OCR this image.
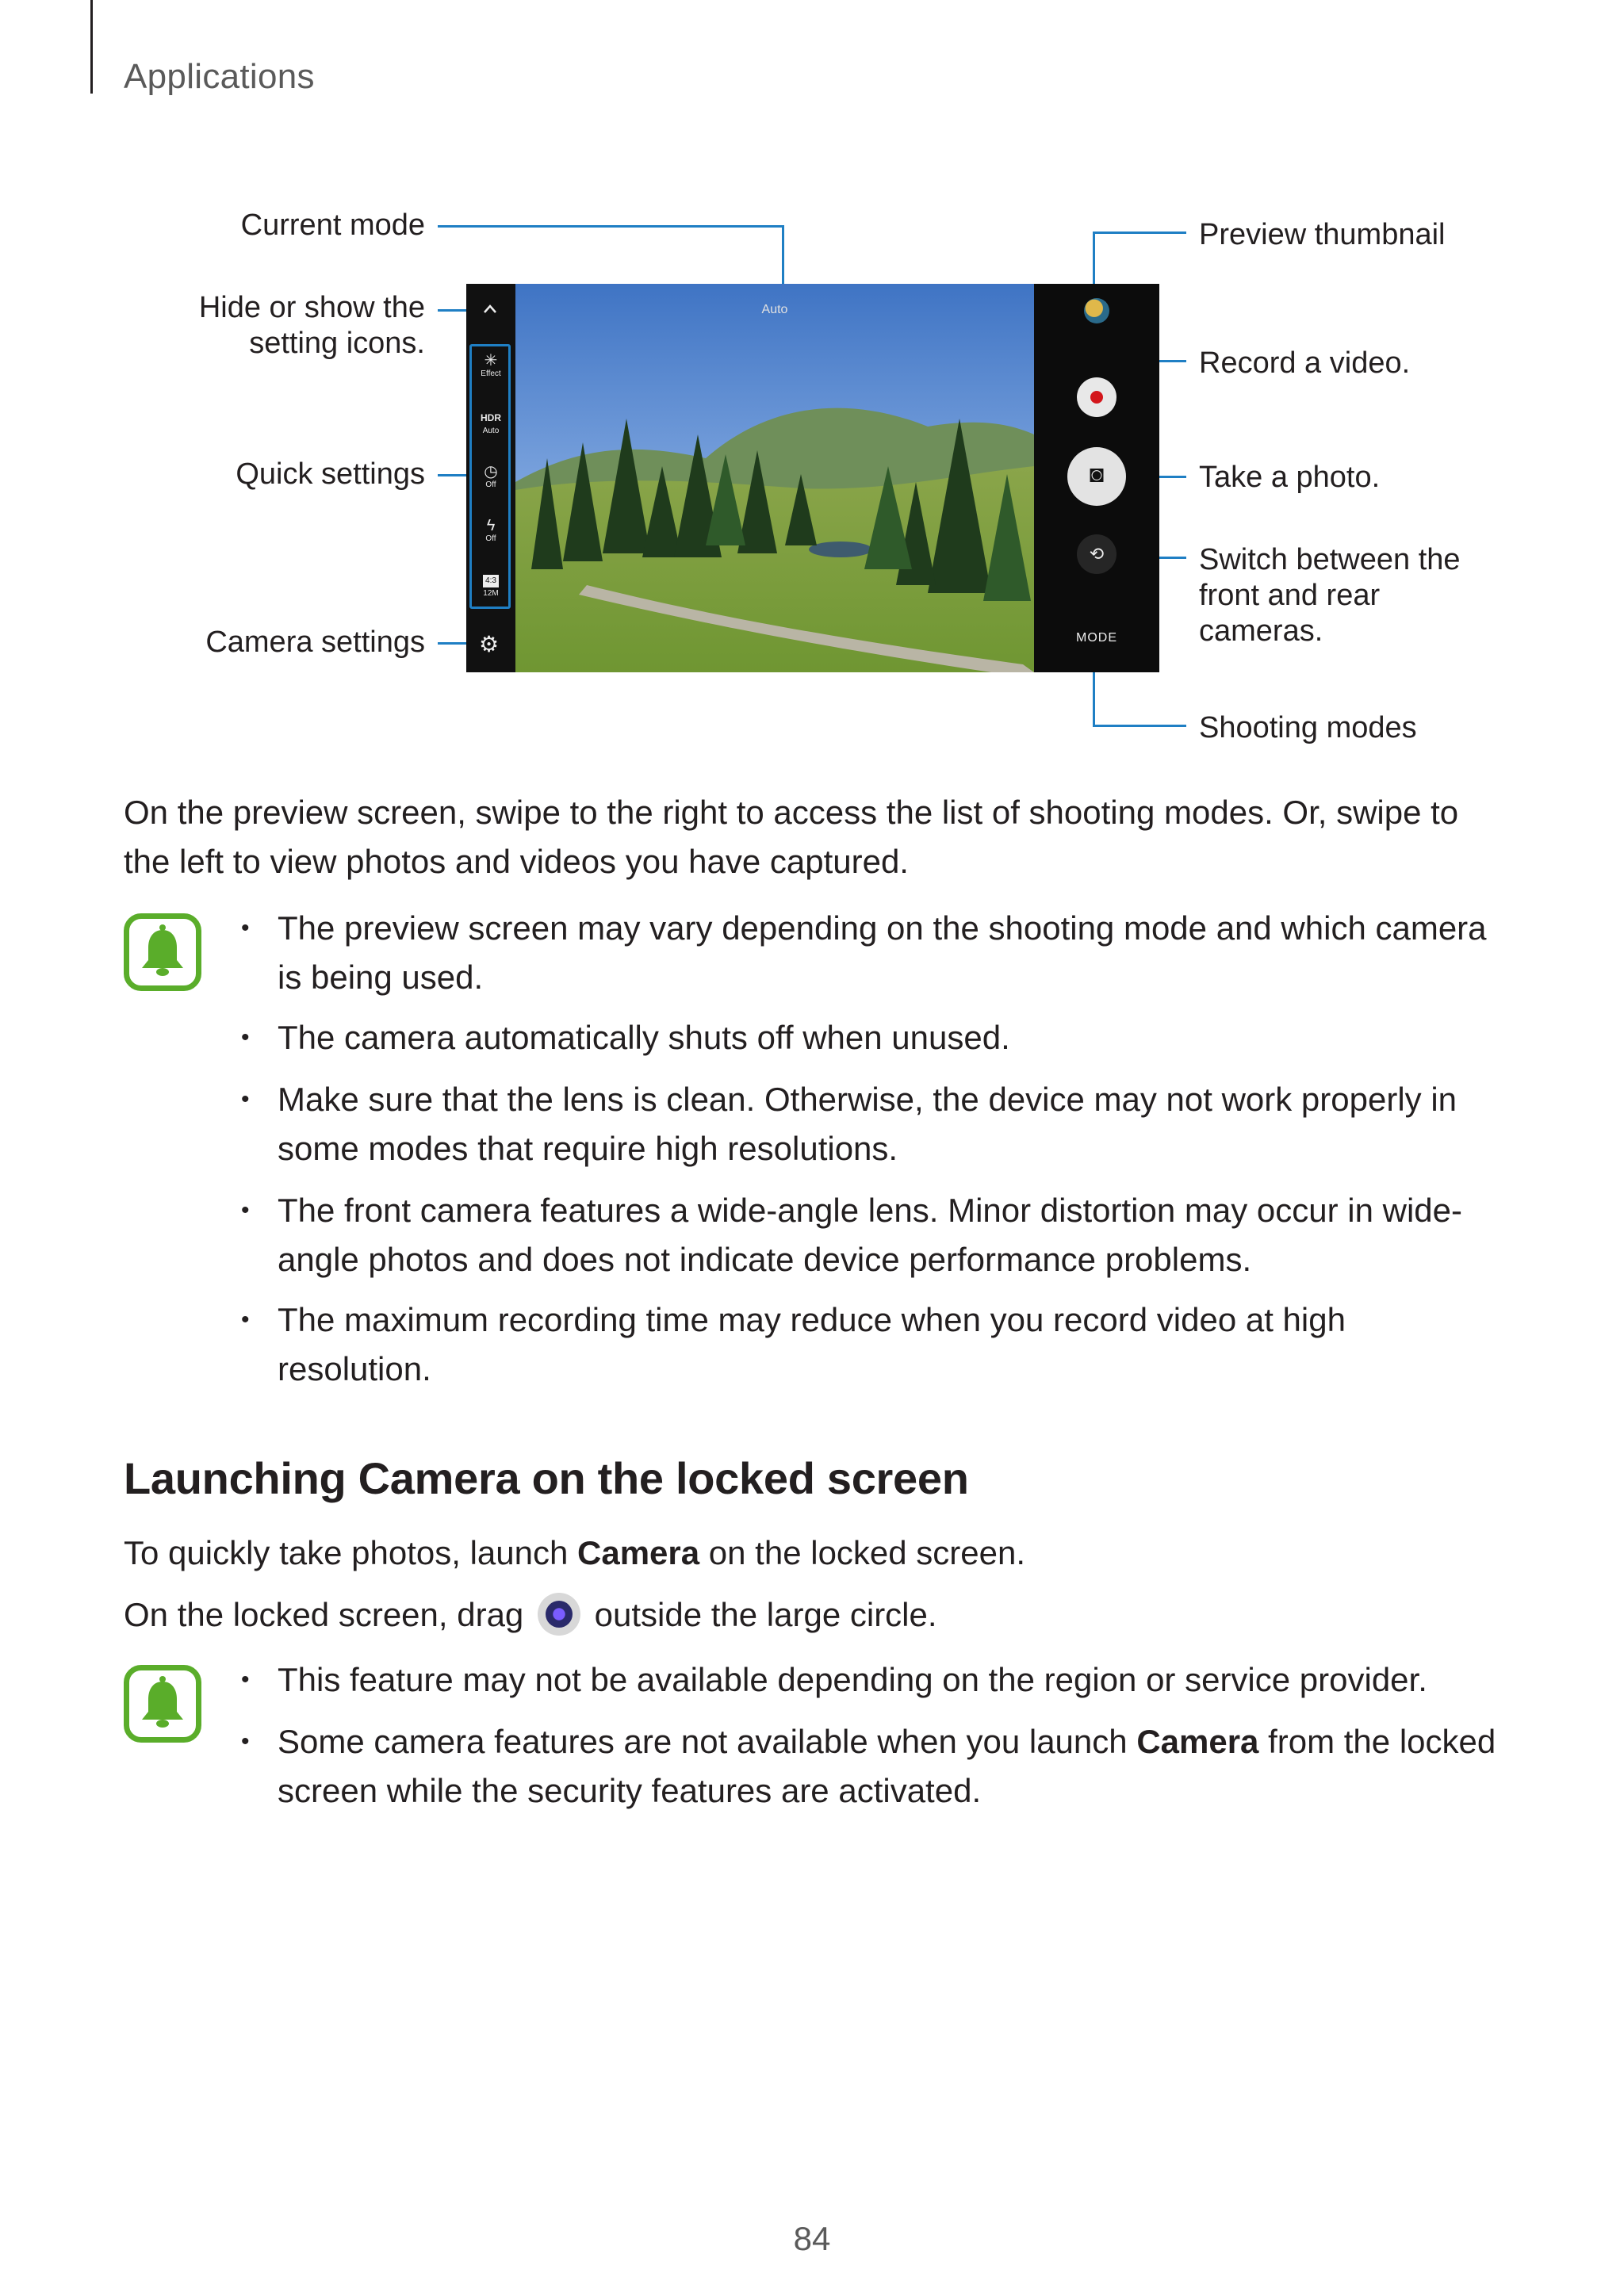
Applications
Current mode
Hide or show the
setting icons.
Quick settings
Camera settings
Preview thumbnail
Record a video.
Take a photo.
Switch between the
front and rear
cameras.
Shooting modes
Auto
✳
Effect
HDR
Auto
◷
Off
ϟ
Off
4:3
12M
⚙
◙
⟲
MODE
On the preview screen, swipe to the right to access the list of shooting modes. Or, swipe to the left to view photos and videos you have captured.
• The preview screen may vary depending on the shooting mode and which camera is being used.
• The camera automatically shuts off when unused.
• Make sure that the lens is clean. Otherwise, the device may not work properly in some modes that require high resolutions.
• The front camera features a wide-angle lens. Minor distortion may occur in wide-angle photos and does not indicate device performance problems.
• The maximum recording time may reduce when you record video at high resolution.
Launching Camera on the locked screen
To quickly take photos, launch Camera on the locked screen.
On the locked screen, drag  outside the large circle.
• This feature may not be available depending on the region or service provider.
• Some camera features are not available when you launch Camera from the locked screen while the security features are activated.
84
